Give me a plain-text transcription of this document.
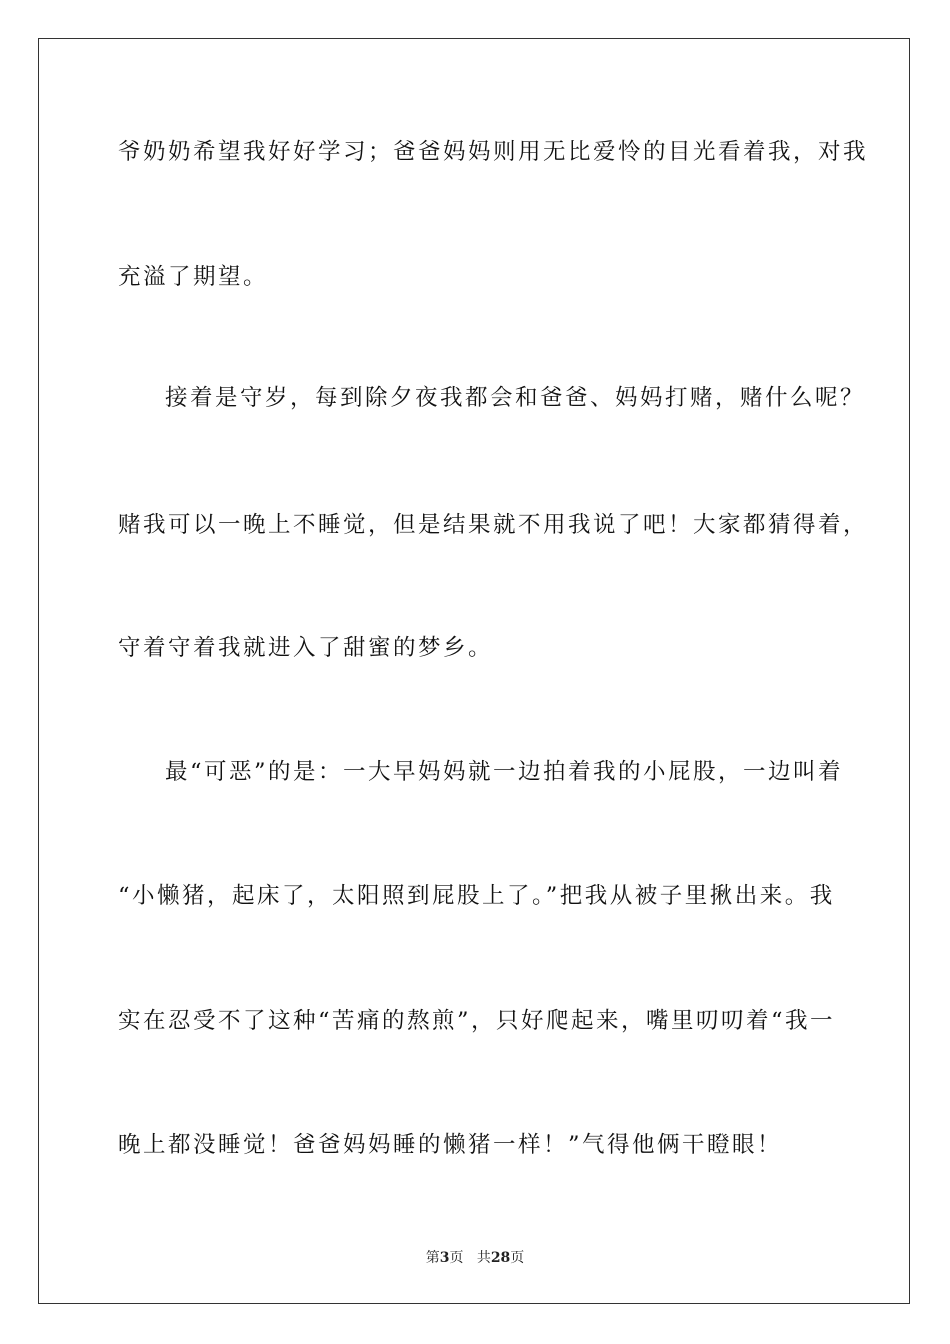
爷奶奶希望我好好学习；爸爸妈妈则用无比爱怜的目光看着我，对我
充溢了期望。
接着是守岁，每到除夕夜我都会和爸爸、妈妈打赌，赌什么呢？
赌我可以一晚上不睡觉，但是结果就不用我说了吧！大家都猜得着，
守着守着我就进入了甜蜜的梦乡。
最“可恶”的是：一大早妈妈就一边拍着我的小屁股，一边叫着
“小懒猪，起床了，太阳照到屁股上了。”把我从被子里揪出来。我
实在忍受不了这种“苦痛的熬煎”，只好爬起来，嘴里叨叨着“我一
晚上都没睡觉！爸爸妈妈睡的懒猪一样！”气得他俩干瞪眼！
第3页 共28页
